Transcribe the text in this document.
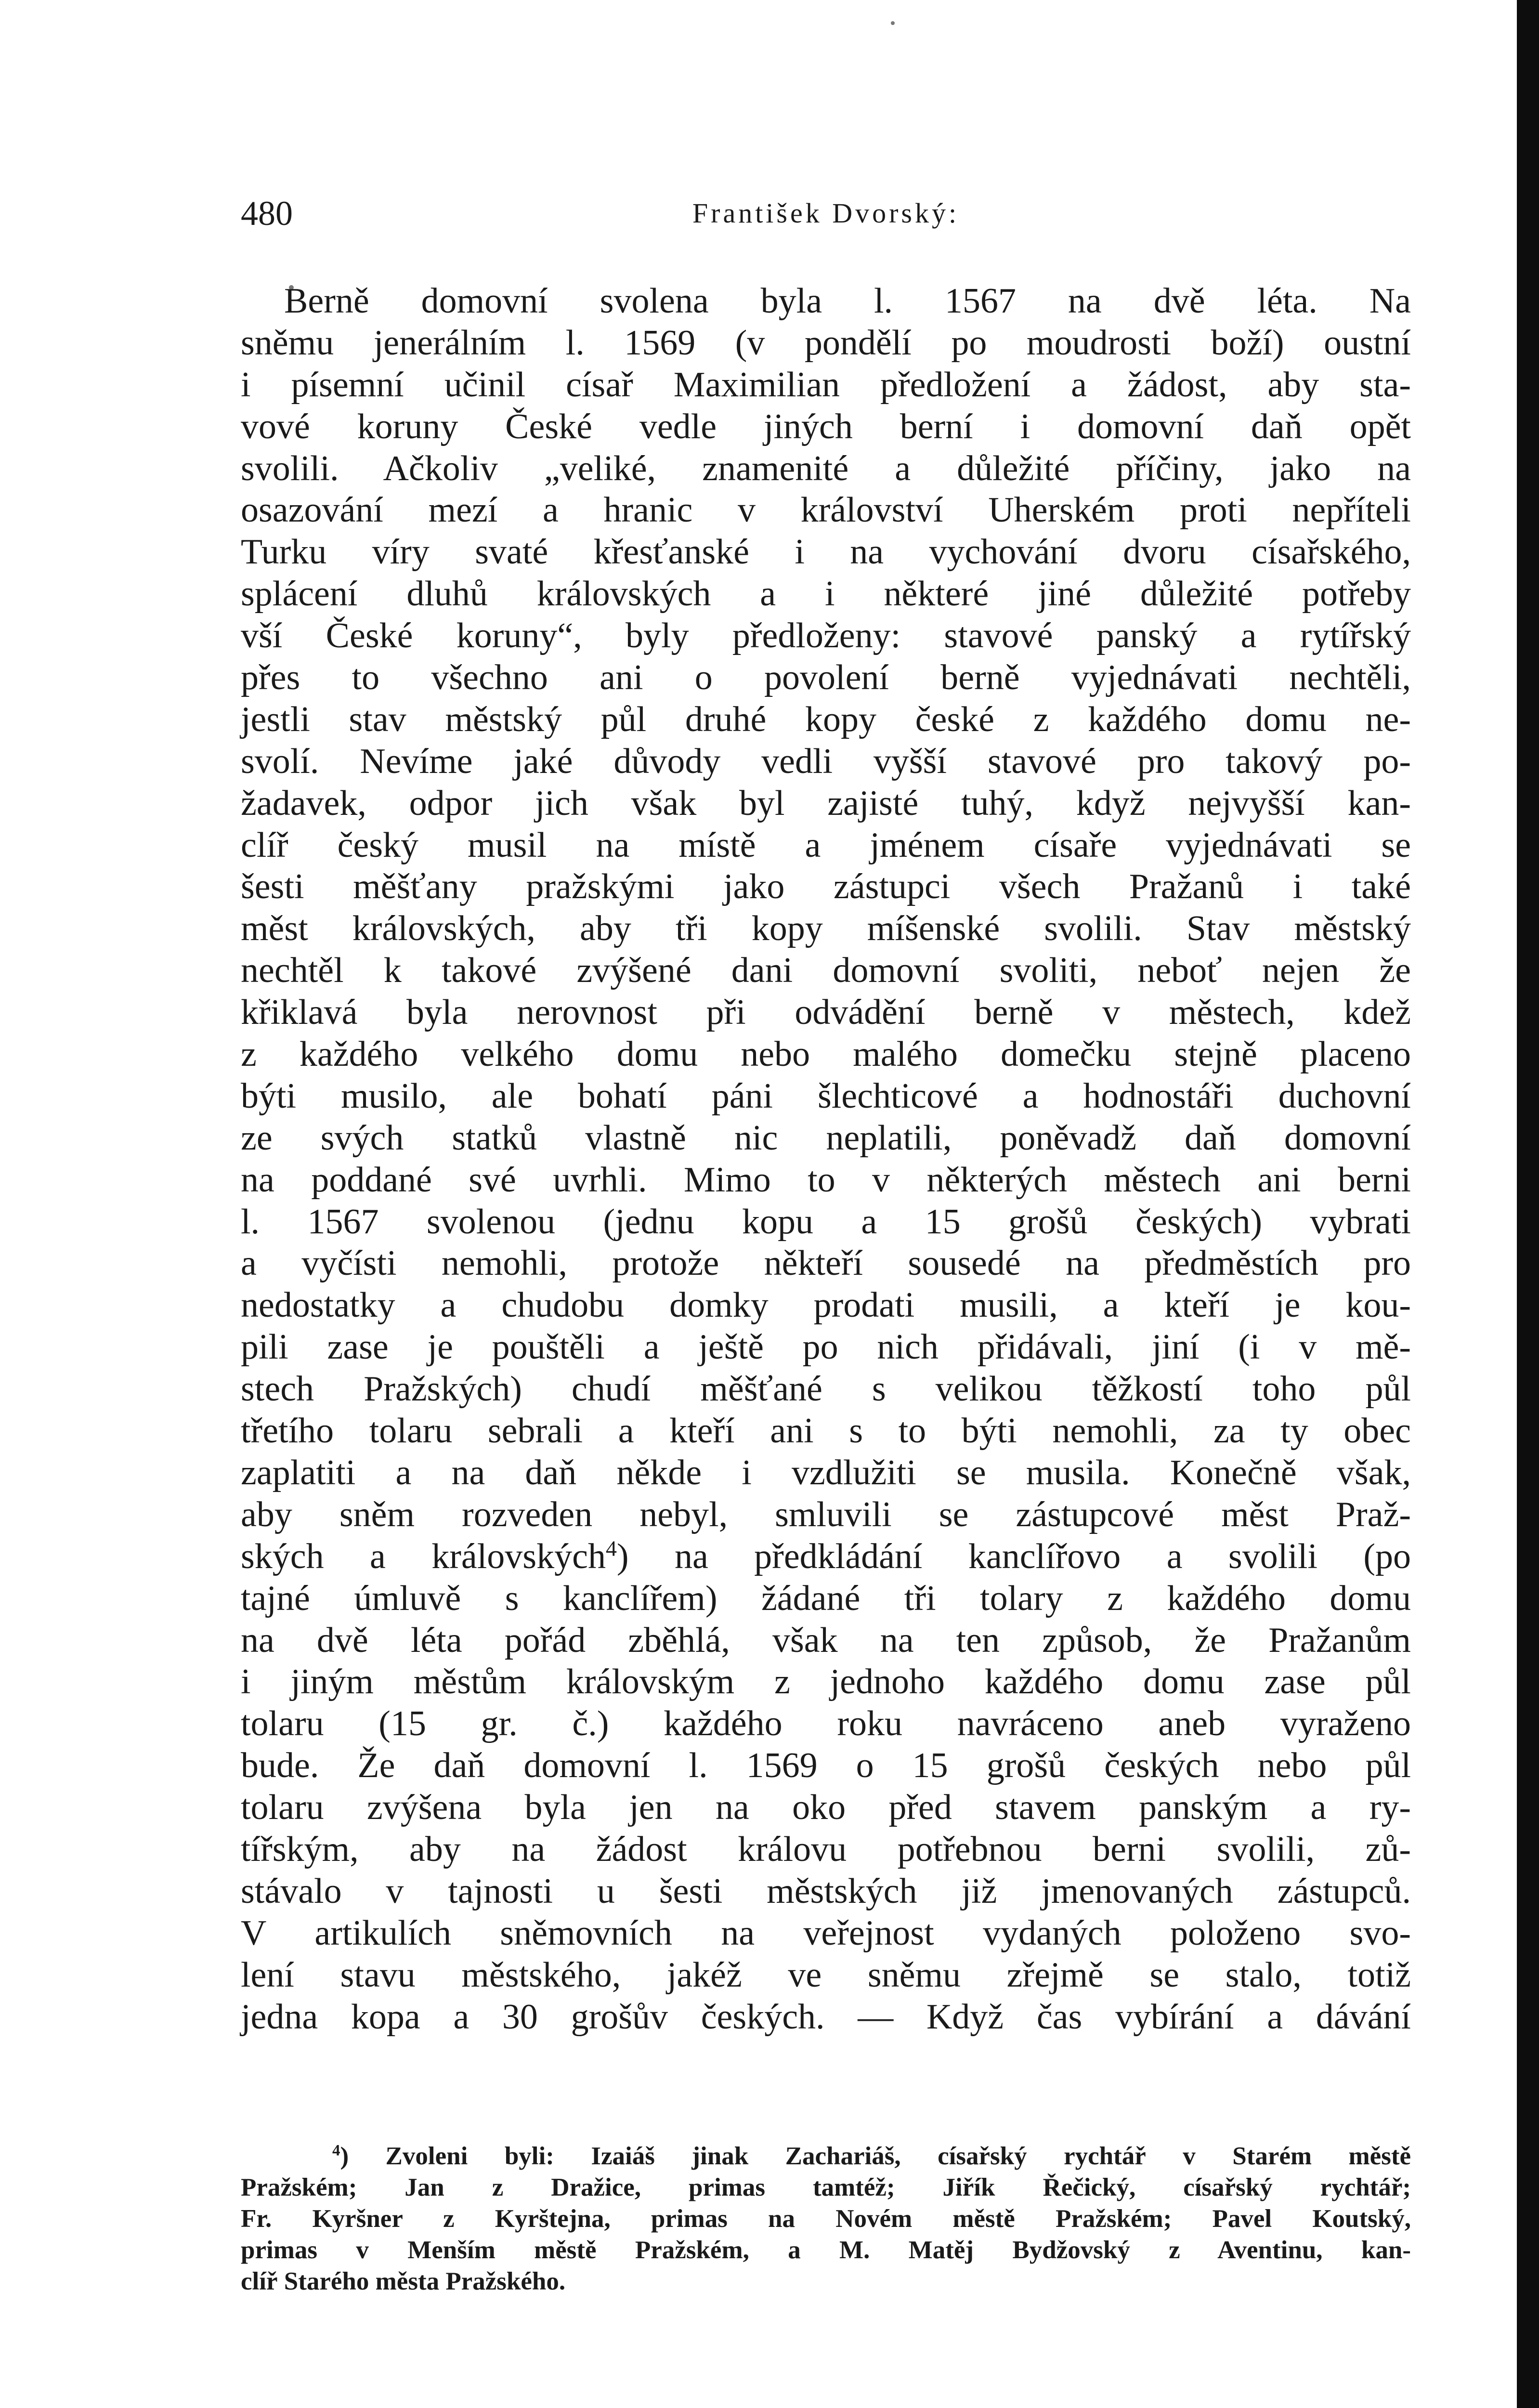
480	František Dvorský:
Berně domovní svolena byla l. 1567 na dvě léta. Na
sněmu jenerálním l. 1569 (v pondělí po moudrosti boží) oustní
i písemní učinil císař Maximilian předložení a žádost, aby sta-
vové koruny České vedle jiných berní i domovní daň opět
svolili. Ačkoliv „veliké, znamenité a důležité příčiny, jako na
osazování mezí a hranic v království Uherském proti nepříteli
Turku víry svaté křesťanské i na vychování dvoru císařského,
splácení dluhů královských a i některé jiné důležité potřeby
vší České koruny“, byly předloženy: stavové panský a rytířský
přes to všechno ani o povolení berně vyjednávati nechtěli,
jestli stav městský půl druhé kopy české z každého domu ne-
svolí. Nevíme jaké důvody vedli vyšší stavové pro takový po-
žadavek, odpor jich však byl zajisté tuhý, když nejvyšší kan-
clíř český musil na místě a jménem císaře vyjednávati se
šesti měšťany pražskými jako zástupci všech Pražanů i také
měst královských, aby tři kopy míšenské svolili. Stav městský
nechtěl k takové zvýšené dani domovní svoliti, neboť nejen že
křiklavá byla nerovnost při odvádění berně v městech, kdež
z každého velkého domu nebo malého domečku stejně placeno
býti musilo, ale bohatí páni šlechticové a hodnostáři duchovní
ze svých statků vlastně nic neplatili, poněvadž daň domovní
na poddané své uvrhli. Mimo to v některých městech ani berni
l. 1567 svolenou (jednu kopu a 15 grošů českých) vybrati
a vyčísti nemohli, protože někteří sousedé na předměstích pro
nedostatky a chudobu domky prodati musili, a kteří je kou-
pili zase je pouštěli a ještě po nich přidávali, jiní (i v mě-
stech Pražských) chudí měšťané s velikou těžkostí toho půl
třetího tolaru sebrali a kteří ani s to býti nemohli, za ty obec
zaplatiti a na daň někde i vzdlužiti se musila. Konečně však,
aby sněm rozveden nebyl, smluvili se zástupcové měst Praž-
ských a královských$^4$) na předkládání kanclířovo a svolili (po
tajné úmluvě s kanclířem) žádané tři tolary z každého domu
na dvě léta pořád zběhlá, však na ten způsob, že Pražanům
i jiným městům královským z jednoho každého domu zase půl
tolaru (15 gr. č.) každého roku navráceno aneb vyraženo
bude. Že daň domovní l. 1569 o 15 grošů českých nebo půl
tolaru zvýšena byla jen na oko před stavem panským a ry-
tířským, aby na žádost královu potřebnou berni svolili, zů-
stávalo v tajnosti u šesti městských již jmenovaných zástupců.
V artikulích sněmovních na veřejnost vydaných položeno svo-
lení stavu městského, jakéž ve sněmu zřejmě se stalo, totiž
jedna kopa a 30 grošův českých. — Když čas vybírání a dávání
$^4$) Zvoleni byli: Izaiáš jinak Zachariáš, císařský rychtář v Starém městě
Pražském; Jan z Dražice, primas tamtéž; Jiřík Řečický, císařský rychtář;
Fr. Kyršner z Kyrštejna, primas na Novém městě Pražském; Pavel Koutský,
primas v Menším městě Pražském, a M. Matěj Bydžovský z Aventinu, kan-
clíř Starého města Pražského.
